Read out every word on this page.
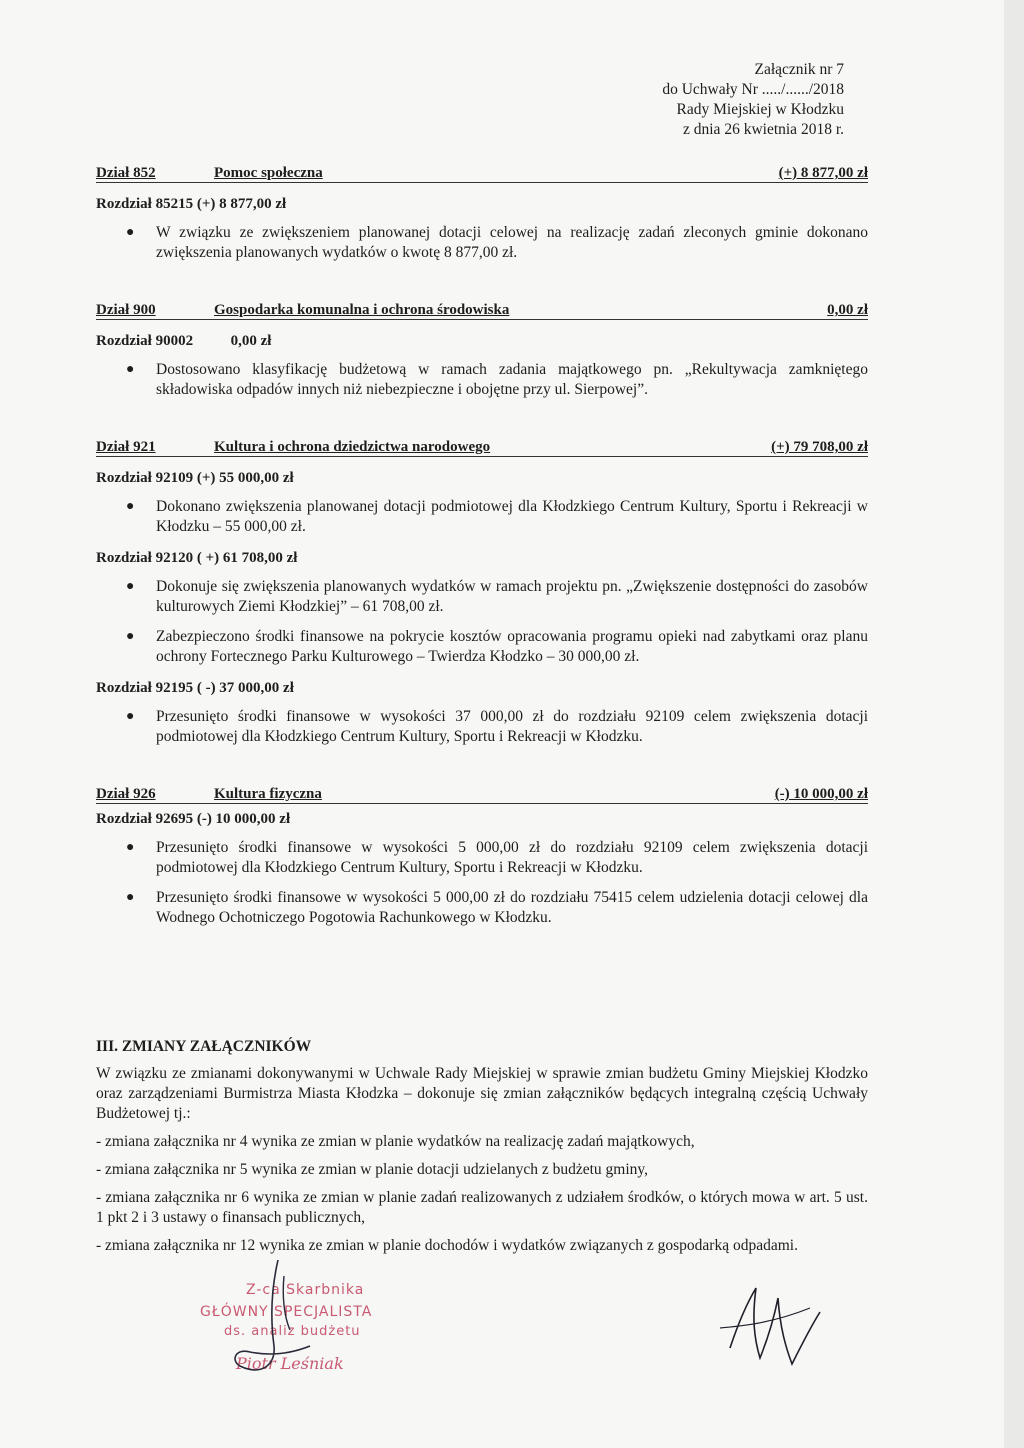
Załącznik nr 7
do Uchwały Nr ...../....../2018
Rady Miejskiej w Kłodzku
z dnia 26 kwietnia 2018 r.
Dział 852	Pomoc społeczna	(+) 8 877,00 zł
Rozdział 85215 (+) 8 877,00 zł
● W związku ze zwiększeniem planowanej dotacji celowej na realizację zadań zleconych gminie dokonano zwiększenia planowanych wydatków o kwotę 8 877,00 zł.
Dział 900	Gospodarka komunalna i ochrona środowiska	0,00 zł
Rozdział 90002          0,00 zł
● Dostosowano klasyfikację budżetową w ramach zadania majątkowego pn. „Rekultywacja zamkniętego składowiska odpadów innych niż niebezpieczne i obojętne przy ul. Sierpowej”.
Dział 921	Kultura i ochrona dziedzictwa narodowego	(+) 79 708,00 zł
Rozdział 92109 (+) 55 000,00 zł
● Dokonano zwiększenia planowanej dotacji podmiotowej dla Kłodzkiego Centrum Kultury, Sportu i Rekreacji w Kłodzku – 55 000,00 zł.
Rozdział 92120 ( +) 61 708,00 zł
● Dokonuje się zwiększenia planowanych wydatków w ramach projektu pn. „Zwiększenie dostępności do zasobów kulturowych Ziemi Kłodzkiej” – 61 708,00 zł.
● Zabezpieczono środki finansowe na pokrycie kosztów opracowania programu opieki nad zabytkami oraz planu ochrony Fortecznego Parku Kulturowego – Twierdza Kłodzko – 30 000,00 zł.
Rozdział 92195 ( -) 37 000,00 zł
● Przesunięto środki finansowe w wysokości 37 000,00 zł do rozdziału 92109 celem zwiększenia dotacji podmiotowej dla Kłodzkiego Centrum Kultury, Sportu i Rekreacji w Kłodzku.
Dział 926	Kultura fizyczna	(-) 10 000,00 zł
Rozdział 92695 (-) 10 000,00 zł
● Przesunięto środki finansowe w wysokości 5 000,00 zł do rozdziału 92109 celem zwiększenia dotacji podmiotowej dla Kłodzkiego Centrum Kultury, Sportu i Rekreacji w Kłodzku.
● Przesunięto środki finansowe w wysokości 5 000,00 zł do rozdziału 75415 celem udzielenia dotacji celowej dla Wodnego Ochotniczego Pogotowia Rachunkowego w Kłodzku.
III. ZMIANY ZAŁĄCZNIKÓW
W związku ze zmianami dokonywanymi w Uchwale Rady Miejskiej w sprawie zmian budżetu Gminy Miejskiej Kłodzko oraz zarządzeniami Burmistrza Miasta Kłodzka – dokonuje się zmian załączników będących integralną częścią Uchwały Budżetowej tj.:
- zmiana załącznika nr 4 wynika ze zmian w planie wydatków na realizację zadań majątkowych,
- zmiana załącznika nr 5 wynika ze zmian w planie dotacji udzielanych z budżetu gminy,
- zmiana załącznika nr 6 wynika ze zmian w planie zadań realizowanych z udziałem środków, o których mowa w art. 5 ust. 1 pkt 2 i 3 ustawy o finansach publicznych,
- zmiana załącznika nr 12 wynika ze zmian w planie dochodów i wydatków związanych z gospodarką odpadami.
Z-ca Skarbnika
GŁÓWNY SPECJALISTA
ds. analiz budżetu
Piotr Leśniak
